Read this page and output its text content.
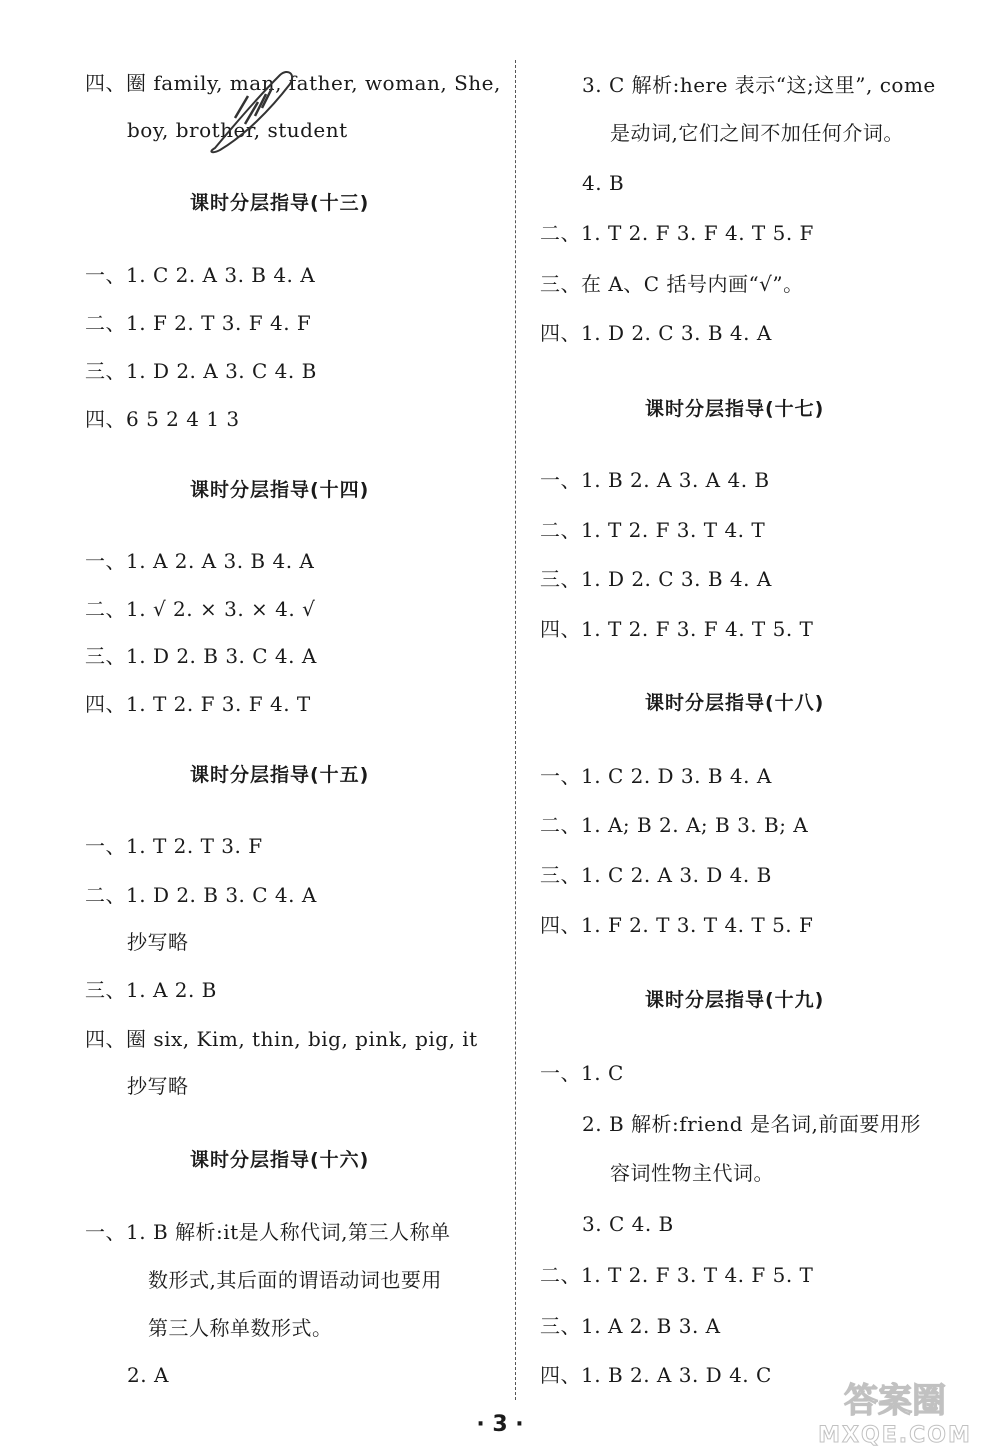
四、圈 family, man, father, woman, She,
boy, brother, student
课时分层指导(十三)
一、1. C 2. A 3. B 4. A
二、1. F 2. T 3. F 4. F
三、1. D 2. A 3. C 4. B
四、6 5 2 4 1 3
课时分层指导(十四)
一、1. A 2. A 3. B 4. A
二、1. √ 2. × 3. × 4. √
三、1. D 2. B 3. C 4. A
四、1. T 2. F 3. F 4. T
课时分层指导(十五)
一、1. T 2. T 3. F
二、1. D 2. B 3. C 4. A
抄写略
三、1. A 2. B
四、圈 six, Kim, thin, big, pink, pig, it
抄写略
课时分层指导(十六)
一、1. B 解析:it是人称代词,第三人称单
数形式,其后面的谓语动词也要用
第三人称单数形式。
2. A
3. C 解析:here 表示“这;这里”, come
是动词,它们之间不加任何介词。
4. B
二、1. T 2. F 3. F 4. T 5. F
三、在 A、C 括号内画“√”。
四、1. D 2. C 3. B 4. A
课时分层指导(十七)
一、1. B 2. A 3. A 4. B
二、1. T 2. F 3. T 4. T
三、1. D 2. C 3. B 4. A
四、1. T 2. F 3. F 4. T 5. T
课时分层指导(十八)
一、1. C 2. D 3. B 4. A
二、1. A; B 2. A; B 3. B; A
三、1. C 2. A 3. D 4. B
四、1. F 2. T 3. T 4. T 5. F
课时分层指导(十九)
一、1. C
2. B 解析:friend 是名词,前面要用形
容词性物主代词。
3. C 4. B
二、1. T 2. F 3. T 4. F 5. T
三、1. A 2. B 3. A
四、1. B 2. A 3. D 4. C
· 3 ·
答案圈
MXQE.COM
